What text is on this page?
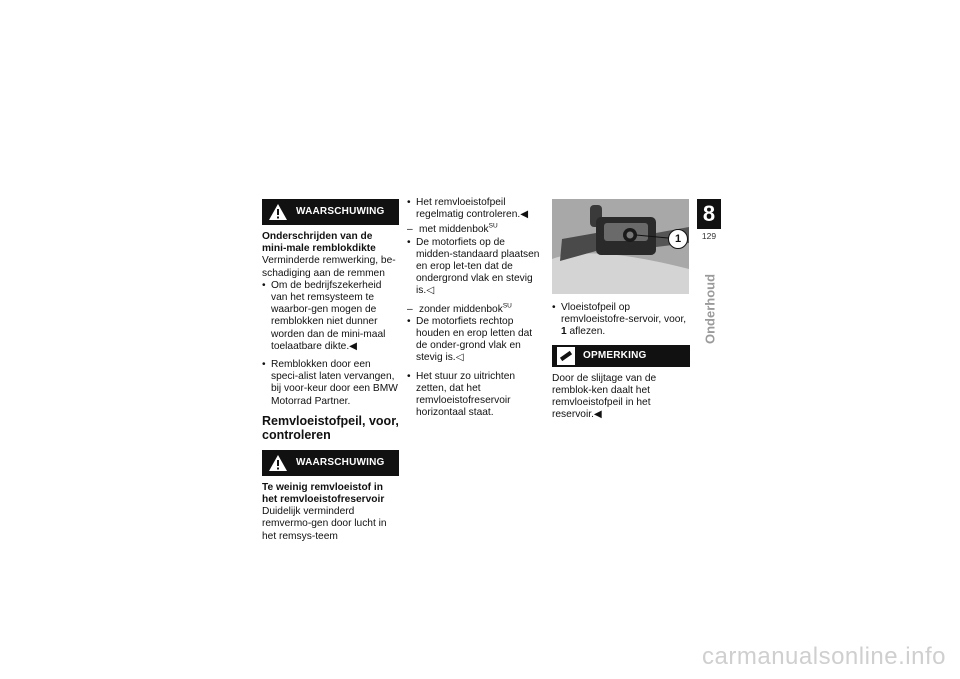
WAARSCHUWING

Onderschrijden van de mini-male remblokdikte

Verminderde remwerking, be-schadiging aan de remmen

• Om de bedrijfszekerheid van het remsysteem te waarbor-gen mogen de remblokken niet dunner worden dan de mini-maal toelaatbare dikte.◀

• Remblokken door een speci-alist laten vervangen, bij voor-keur door een BMW Motorrad Partner.

Remvloeistofpeil, voor, controleren

WAARSCHUWING

Te weinig remvloeistof in het remvloeistofreservoir

Duidelijk verminderd remvermo-gen door lucht in het remsys-teem

• Het remvloeistofpeil regelmatig controleren.◀

– met middenbok$^{SU}$

• De motorfiets op de midden-standaard plaatsen en erop let-ten dat de ondergrond vlak en stevig is.◁

– zonder middenbok$^{SU}$

• De motorfiets rechtop houden en erop letten dat de onder-grond vlak en stevig is.◁

• Het stuur zo uitrichten zetten, dat het remvloeistofreservoir horizontaal staat.

1

• Vloeistofpeil op remvloeistofre-servoir, voor, 1 aflezen.

OPMERKING

Door de slijtage van de remblok-ken daalt het remvloeistofpeil in het reservoir.◀

8
129
Onderhoud
carmanualsonline.info
